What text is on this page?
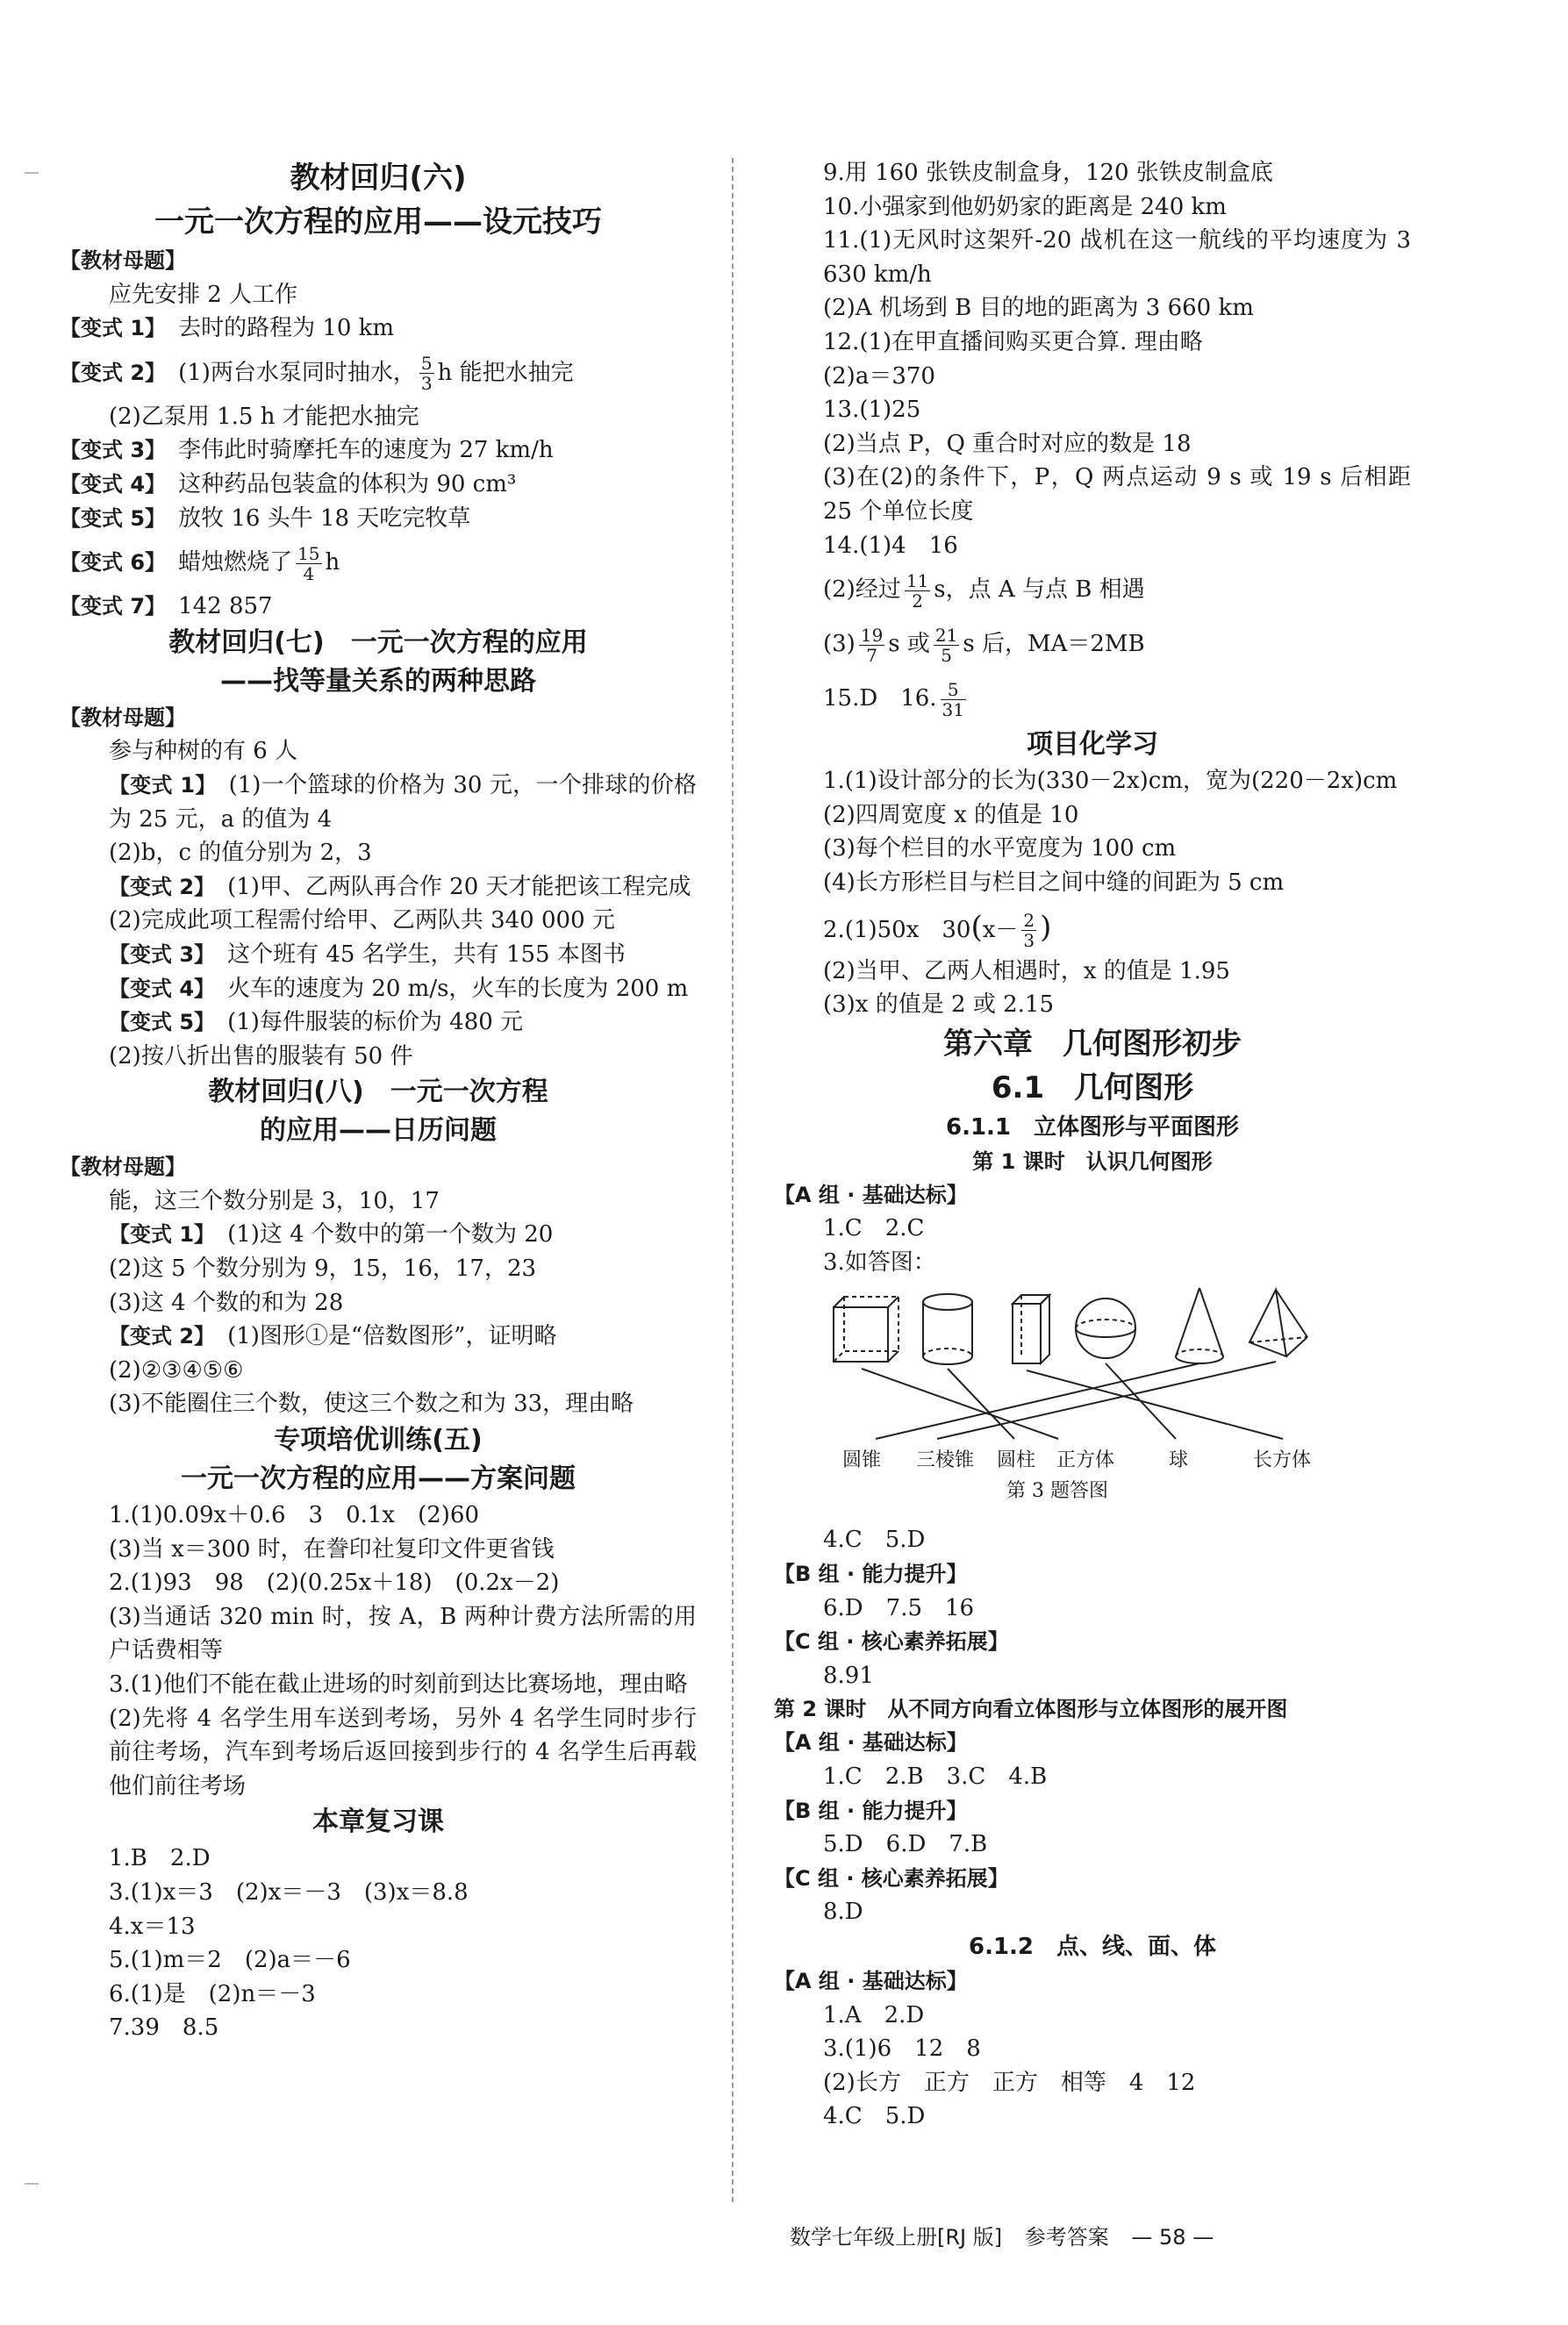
教材回归(六)
一元一次方程的应用——设元技巧
【教材母题】
应先安排 2 人工作
【变式 1】 去时的路程为 10 km
【变式 2】 (1)两台水泵同时抽水， $\frac{5}{3}$ h 能把水抽完
(2)乙泵用 1.5 h 才能把水抽完
【变式 3】 李伟此时骑摩托车的速度为 27 km/h
【变式 4】 这种药品包装盒的体积为 90 cm³
【变式 5】 放牧 16 头牛 18 天吃完牧草
【变式 6】 蜡烛燃烧了 $\frac{15}{4}$ h
【变式 7】 142 857
教材回归(七)　一元一次方程的应用
——找等量关系的两种思路
【教材母题】
参与种树的有 6 人
【变式 1】 (1)一个篮球的价格为 30 元，一个排球的价格为 25 元，a 的值为 4
(2)b，c 的值分别为 2，3
【变式 2】 (1)甲、乙两队再合作 20 天才能把该工程完成
(2)完成此项工程需付给甲、乙两队共 340 000 元
【变式 3】 这个班有 45 名学生，共有 155 本图书
【变式 4】 火车的速度为 20 m/s，火车的长度为 200 m
【变式 5】 (1)每件服装的标价为 480 元
(2)按八折出售的服装有 50 件
教材回归(八)　一元一次方程
的应用——日历问题
【教材母题】
能，这三个数分别是 3，10，17
【变式 1】 (1)这 4 个数中的第一个数为 20
(2)这 5 个数分别为 9，15，16，17，23
(3)这 4 个数的和为 28
【变式 2】 (1)图形①是“倍数图形”，证明略
(2)②③④⑤⑥
(3)不能圈住三个数，使这三个数之和为 33，理由略
专项培优训练(五)
一元一次方程的应用——方案问题
1.(1)0.09x＋0.6　3　0.1x　(2)60
(3)当 x＝300 时，在誊印社复印文件更省钱
2.(1)93　98　(2)(0.25x＋18)　(0.2x－2)
(3)当通话 320 min 时，按 A，B 两种计费方法所需的用户话费相等
3.(1)他们不能在截止进场的时刻前到达比赛场地，理由略
(2)先将 4 名学生用车送到考场，另外 4 名学生同时步行前往考场，汽车到考场后返回接到步行的 4 名学生后再载他们前往考场
本章复习课
1.B　2.D
3.(1)x＝3　(2)x＝－3　(3)x＝8.8
4.x＝13
5.(1)m＝2　(2)a＝－6
6.(1)是　(2)n＝－3
7.39　8.5
9.用 160 张铁皮制盒身，120 张铁皮制盒底
10.小强家到他奶奶家的距离是 240 km
11.(1)无风时这架歼-20 战机在这一航线的平均速度为 3 630 km/h
(2)A 机场到 B 目的地的距离为 3 660 km
12.(1)在甲直播间购买更合算. 理由略
(2)a＝370
13.(1)25
(2)当点 P，Q 重合时对应的数是 18
(3)在(2)的条件下，P，Q 两点运动 9 s 或 19 s 后相距 25 个单位长度
14.(1)4　16
(2)经过 $\frac{11}{2}$ s，点 A 与点 B 相遇
$(3) \frac{19}{7}$ s 或 $\frac{21}{5}$ s 后，MA＝2MB
15.D　16. $\frac{5}{31}$
项目化学习
1.(1)设计部分的长为(330－2x)cm，宽为(220－2x)cm
(2)四周宽度 x 的值是 10
(3)每个栏目的水平宽度为 100 cm
(4)长方形栏目与栏目之间中缝的间距为 5 cm
2.(1)50x　$30(x- \frac{2}{3}$ )
(2)当甲、乙两人相遇时，x 的值是 1.95
(3)x 的值是 2 或 2.15
第六章　几何图形初步
6.1　几何图形
6.1.1　立体图形与平面图形
第 1 课时　认识几何图形
【A 组 · 基础达标】
1.C　2.C
3.如答图：
圆锥 三棱锥 圆柱 正方体	球	长方体
第 3 题答图
4.C　5.D
【B 组 · 能力提升】
6.D　7.5　16
【C 组 · 核心素养拓展】
8.91
第 2 课时　从不同方向看立体图形与立体图形的展开图
【A 组 · 基础达标】
1.C　2.B　3.C　4.B
【B 组 · 能力提升】
5.D　6.D　7.B
【C 组 · 核心素养拓展】
8.D
6.1.2　点、线、面、体
【A 组 · 基础达标】
1.A　2.D
3.(1)6　12　8
(2)长方　正方　正方　相等　4　12
4.C　5.D
数学七年级上册[RJ 版] 参考答案 — 58 —
